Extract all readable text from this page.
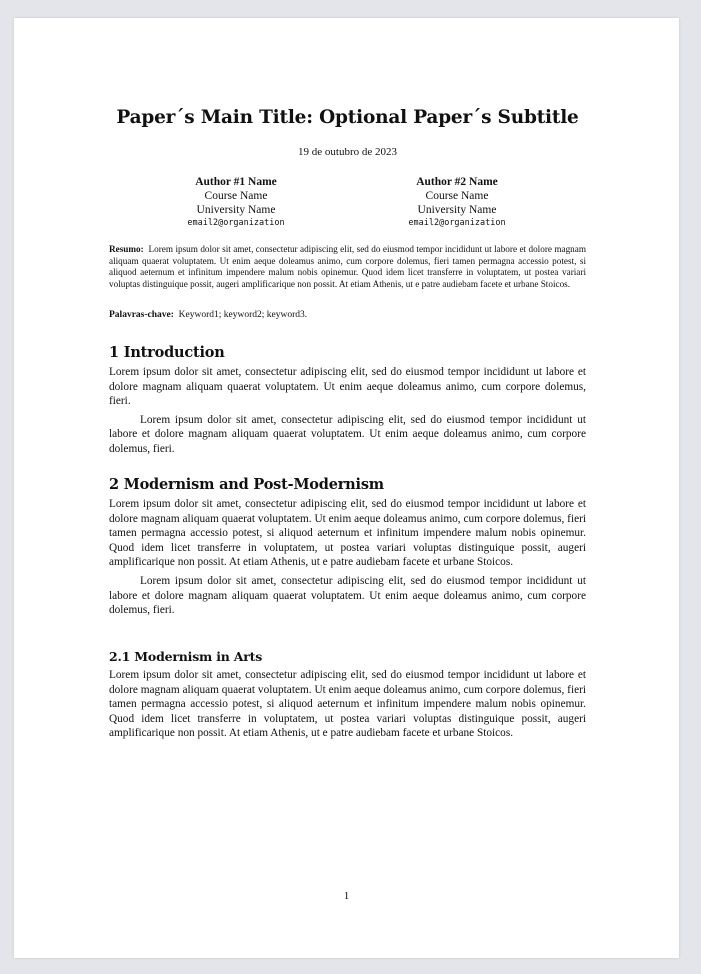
Paper´s Main Title: Optional Paper´s Subtitle
19 de outubro de 2023
Author #1 Name
Course Name
University Name
email2@organization
Author #2 Name
Course Name
University Name
email2@organization
Resumo: Lorem ipsum dolor sit amet, consectetur adipiscing elit, sed do eiusmod tempor incididunt ut labore et dolore magnam aliquam quaerat voluptatem. Ut enim aeque doleamus animo, cum corpore dolemus, fieri tamen permagna accessio potest, si aliquod aeternum et infinitum impendere malum nobis opinemur. Quod idem licet transferre in voluptatem, ut postea variari voluptas distinguique possit, augeri amplificarique non possit. At etiam Athenis, ut e patre audiebam facete et urbane Stoicos.
Palavras-chave: Keyword1; keyword2; keyword3.
1 Introduction

Lorem ipsum dolor sit amet, consectetur adipiscing elit, sed do eiusmod tempor incididunt ut labore et dolore magnam aliquam quaerat voluptatem. Ut enim aeque doleamus animo, cum corpore dolemus, fieri.

Lorem ipsum dolor sit amet, consectetur adipiscing elit, sed do eiusmod tempor incididunt ut labore et dolore magnam aliquam quaerat voluptatem. Ut enim aeque doleamus animo, cum corpore dolemus, fieri.

2 Modernism and Post-Modernism

Lorem ipsum dolor sit amet, consectetur adipiscing elit, sed do eiusmod tempor incididunt ut labore et dolore magnam aliquam quaerat voluptatem. Ut enim aeque doleamus animo, cum corpore dolemus, fieri tamen permagna accessio potest, si aliquod aeternum et infinitum impendere malum nobis opinemur. Quod idem licet transferre in voluptatem, ut postea variari voluptas distinguique possit, augeri amplificarique non possit. At etiam Athenis, ut e patre audiebam facete et urbane Stoicos.

Lorem ipsum dolor sit amet, consectetur adipiscing elit, sed do eiusmod tempor incididunt ut labore et dolore magnam aliquam quaerat voluptatem. Ut enim aeque doleamus animo, cum corpore dolemus, fieri.

2.1 Modernism in Arts

Lorem ipsum dolor sit amet, consectetur adipiscing elit, sed do eiusmod tempor incididunt ut labore et dolore magnam aliquam quaerat voluptatem. Ut enim aeque doleamus animo, cum corpore dolemus, fieri tamen permagna accessio potest, si aliquod aeternum et infinitum impendere malum nobis opinemur. Quod idem licet transferre in voluptatem, ut postea variari voluptas distinguique possit, augeri amplificarique non possit. At etiam Athenis, ut e patre audiebam facete et urbane Stoicos.

1
